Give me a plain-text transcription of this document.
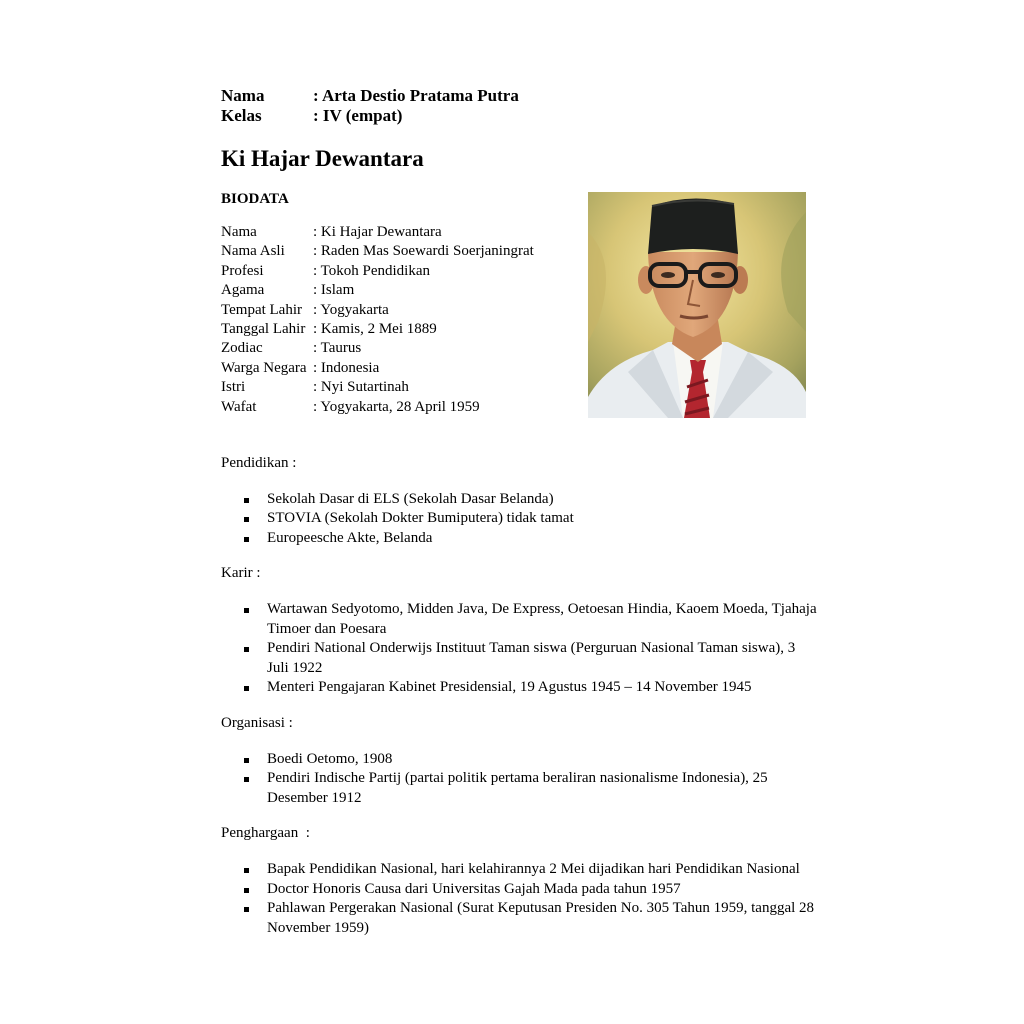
Nama	: Arta Destio Pratama Putra
Kelas	: IV (empat)
Ki Hajar Dewantara
BIODATA
Nama	: Ki Hajar Dewantara
Nama Asli	: Raden Mas Soewardi Soerjaningrat
Profesi	: Tokoh Pendidikan
Agama	: Islam
Tempat Lahir : Yogyakarta
Tanggal Lahir : Kamis, 2 Mei 1889
Zodiac	: Taurus
Warga Negara : Indonesia
Istri	: Nyi Sutartinah
Wafat	: Yogyakarta, 28 April 1959

Pendidikan :

Sekolah Dasar di ELS (Sekolah Dasar Belanda)
STOVIA (Sekolah Dokter Bumiputera) tidak tamat
Europeesche Akte, Belanda

Karir :

Wartawan Sedyotomo, Midden Java, De Express, Oetoesan Hindia, Kaoem Moeda, Tjahaja Timoer dan Poesara
Pendiri National Onderwijs Instituut Taman siswa (Perguruan Nasional Taman siswa), 3 Juli 1922
Menteri Pengajaran Kabinet Presidensial, 19 Agustus 1945 – 14 November 1945

Organisasi :

Boedi Oetomo, 1908
Pendiri Indische Partij (partai politik pertama beraliran nasionalisme Indonesia), 25 Desember 1912

Penghargaan  :

Bapak Pendidikan Nasional, hari kelahirannya 2 Mei dijadikan hari Pendidikan Nasional
Doctor Honoris Causa dari Universitas Gajah Mada pada tahun 1957
Pahlawan Pergerakan Nasional (Surat Keputusan Presiden No. 305 Tahun 1959, tanggal 28 November 1959)
